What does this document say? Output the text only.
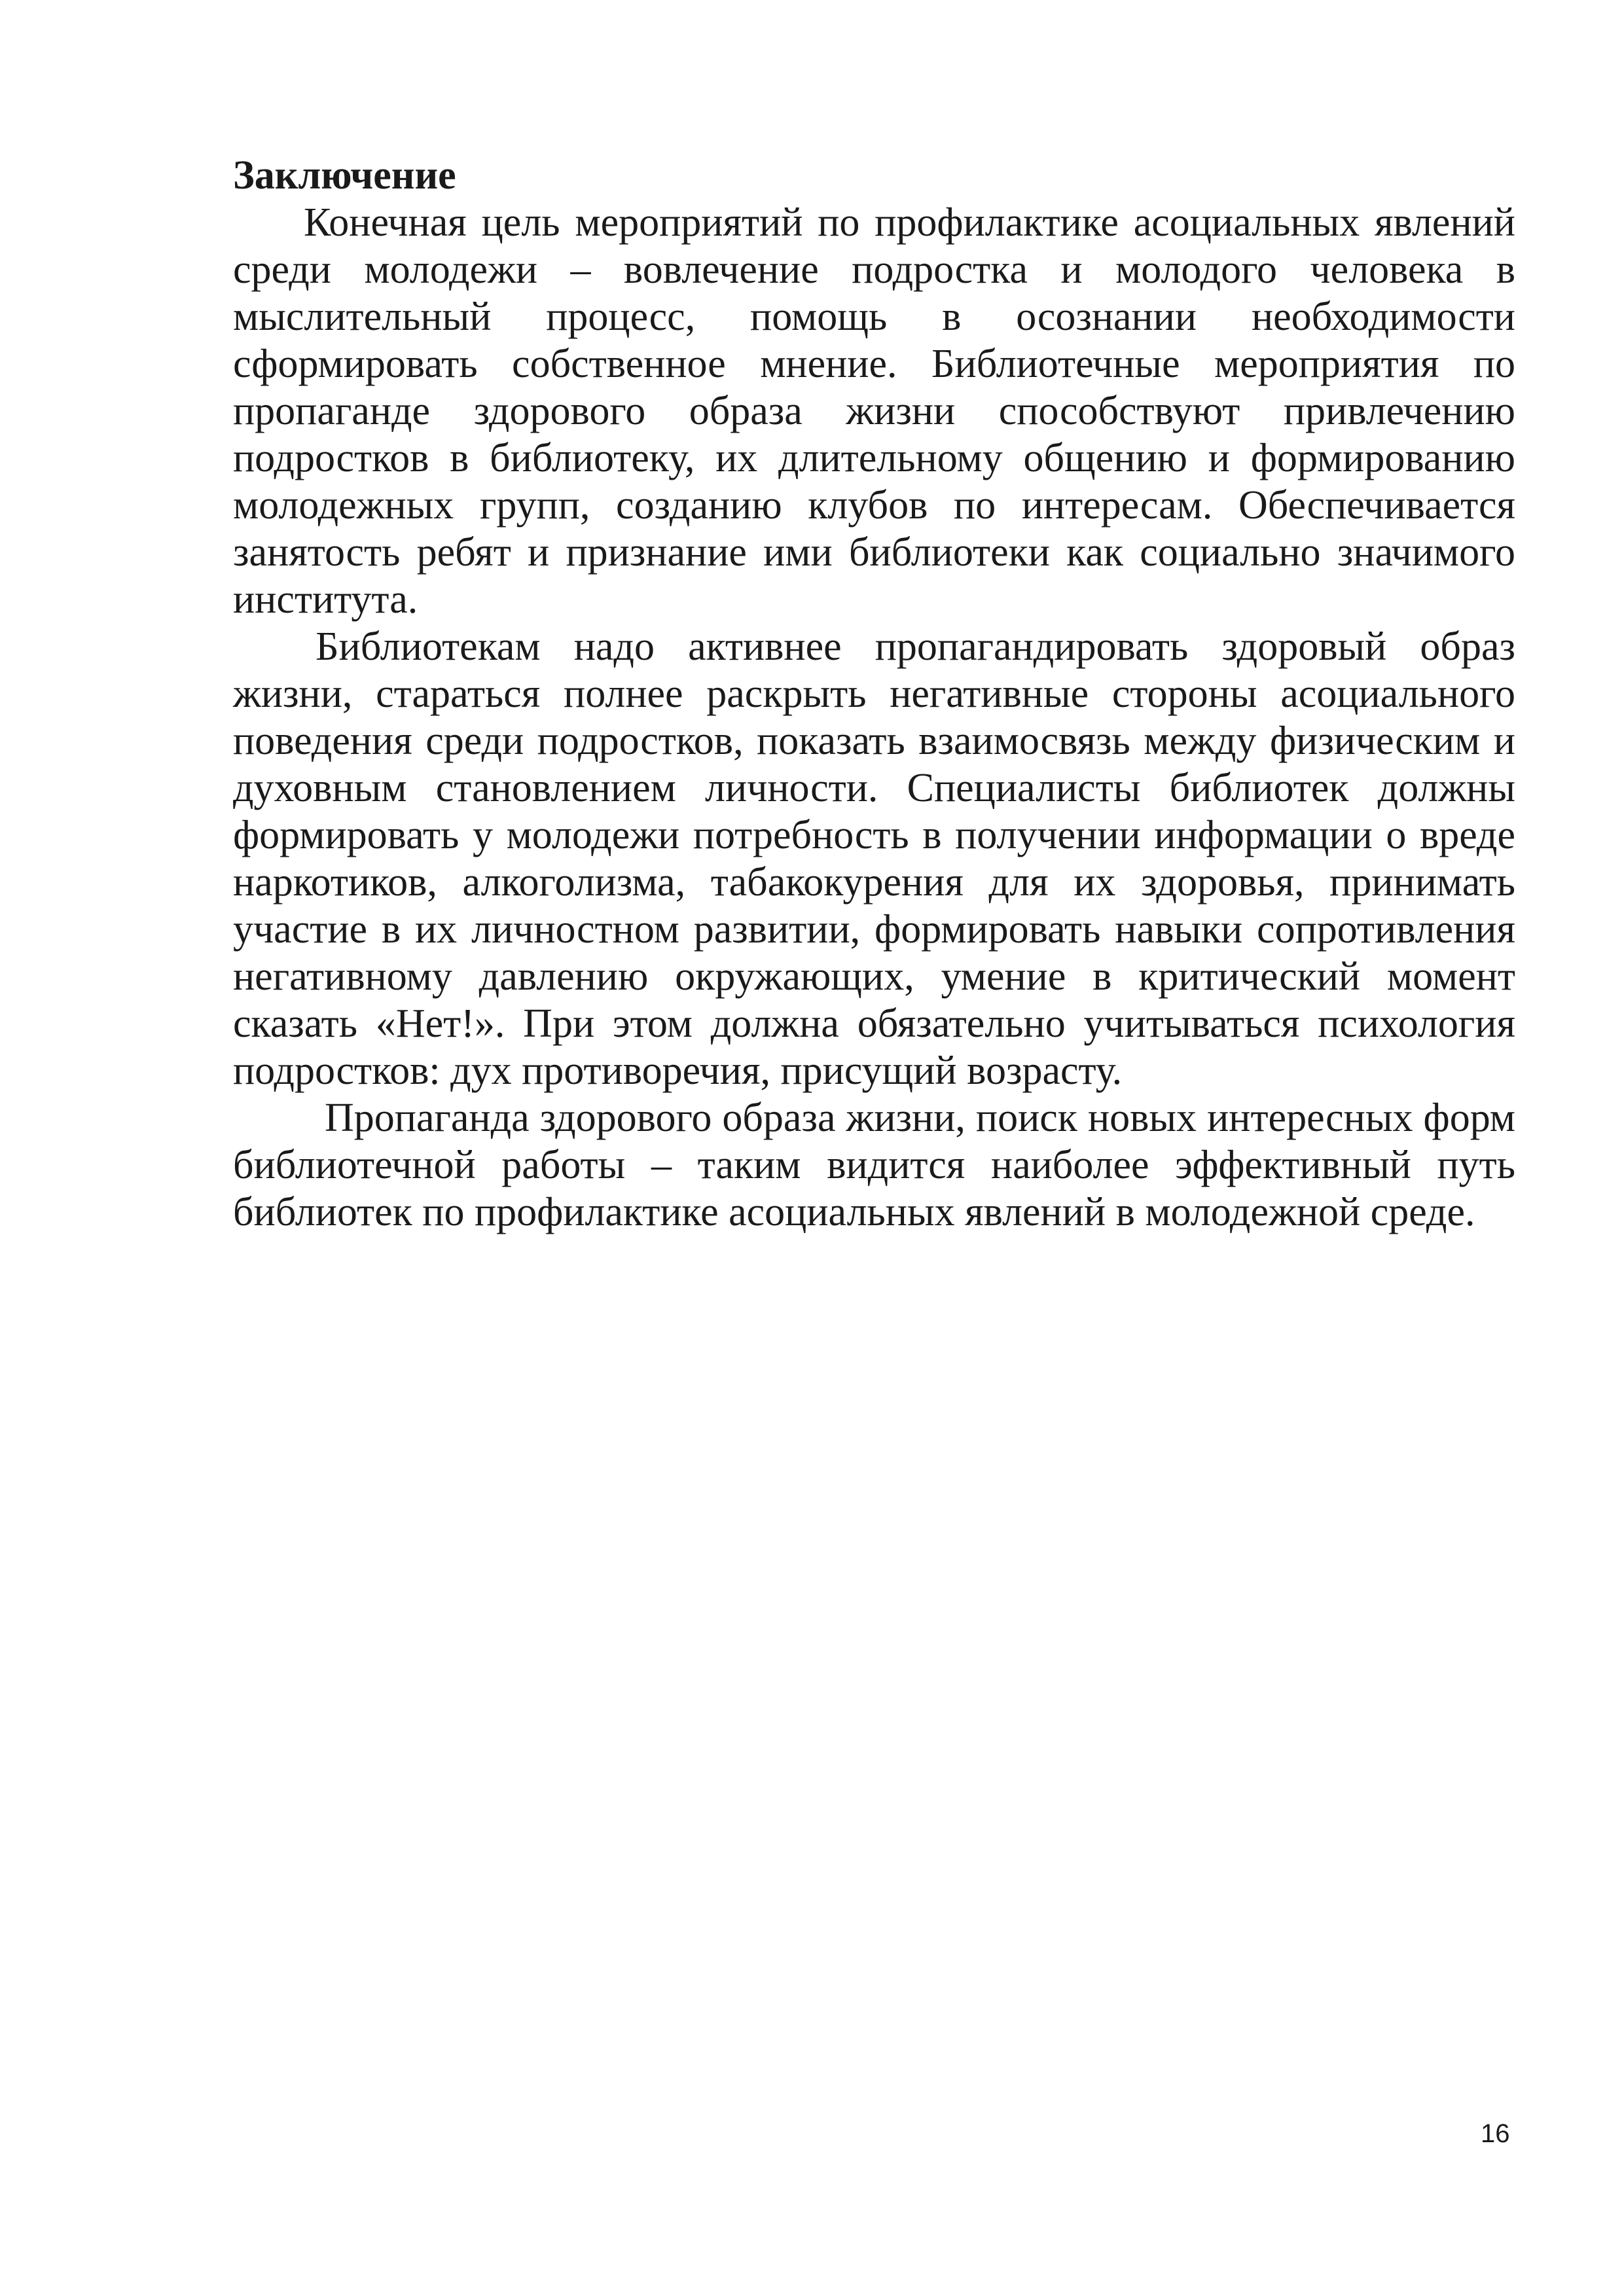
Заключение

Конечная цель мероприятий по профилактике асоциальных явлений среди молодежи – вовлечение подростка и молодого человека в мыслительный процесс, помощь в осознании необходимости сформировать собственное мнение. Библиотечные мероприятия по пропаганде здорового образа жизни способствуют привлечению подростков в библиотеку, их длительному общению и формированию молодежных групп, созданию клубов по интересам. Обеспечивается занятость ребят и признание ими библиотеки как социально значимого института.

Библиотекам надо активнее пропагандировать здоровый образ жизни, стараться полнее раскрыть негативные стороны асоциального поведения среди подростков, показать взаимосвязь между физическим и духовным становлением личности. Специалисты библиотек должны формировать у молодежи потребность в получении информации о вреде наркотиков, алкоголизма, табакокурения для их здоровья, принимать участие в их личностном развитии, формировать навыки сопротивления негативному давлению окружающих, умение в критический момент сказать «Нет!». При этом должна обязательно учитываться психология подростков: дух противоречия, присущий возрасту.

Пропаганда здорового образа жизни, поиск новых интересных форм библиотечной работы – таким видится наиболее эффективный путь библиотек по профилактике асоциальных явлений в молодежной среде.

16
